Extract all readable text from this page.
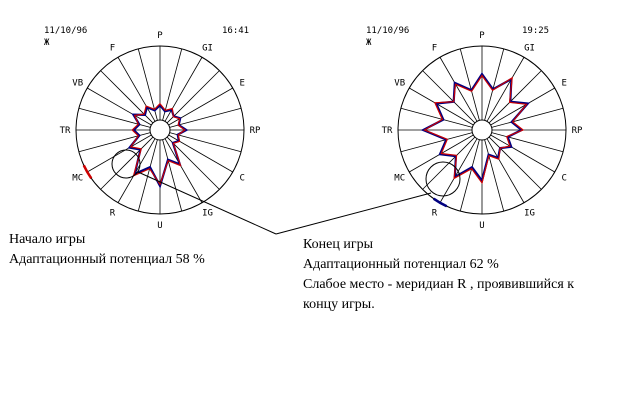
P
GI
E
RP
C
IG
U
R
MC
TR
VB
F
11/10/96
Ж
16:41	P
GI
E
RP
C
IG
U
R
MC
TR
VB
F
11/10/96
Ж
19:25
Начало игры
Адаптационный потенциал 58 %
Конец игры
Адаптационный потенциал 62 %
Слабое место - меридиан R , проявившийся к
концу игры.
